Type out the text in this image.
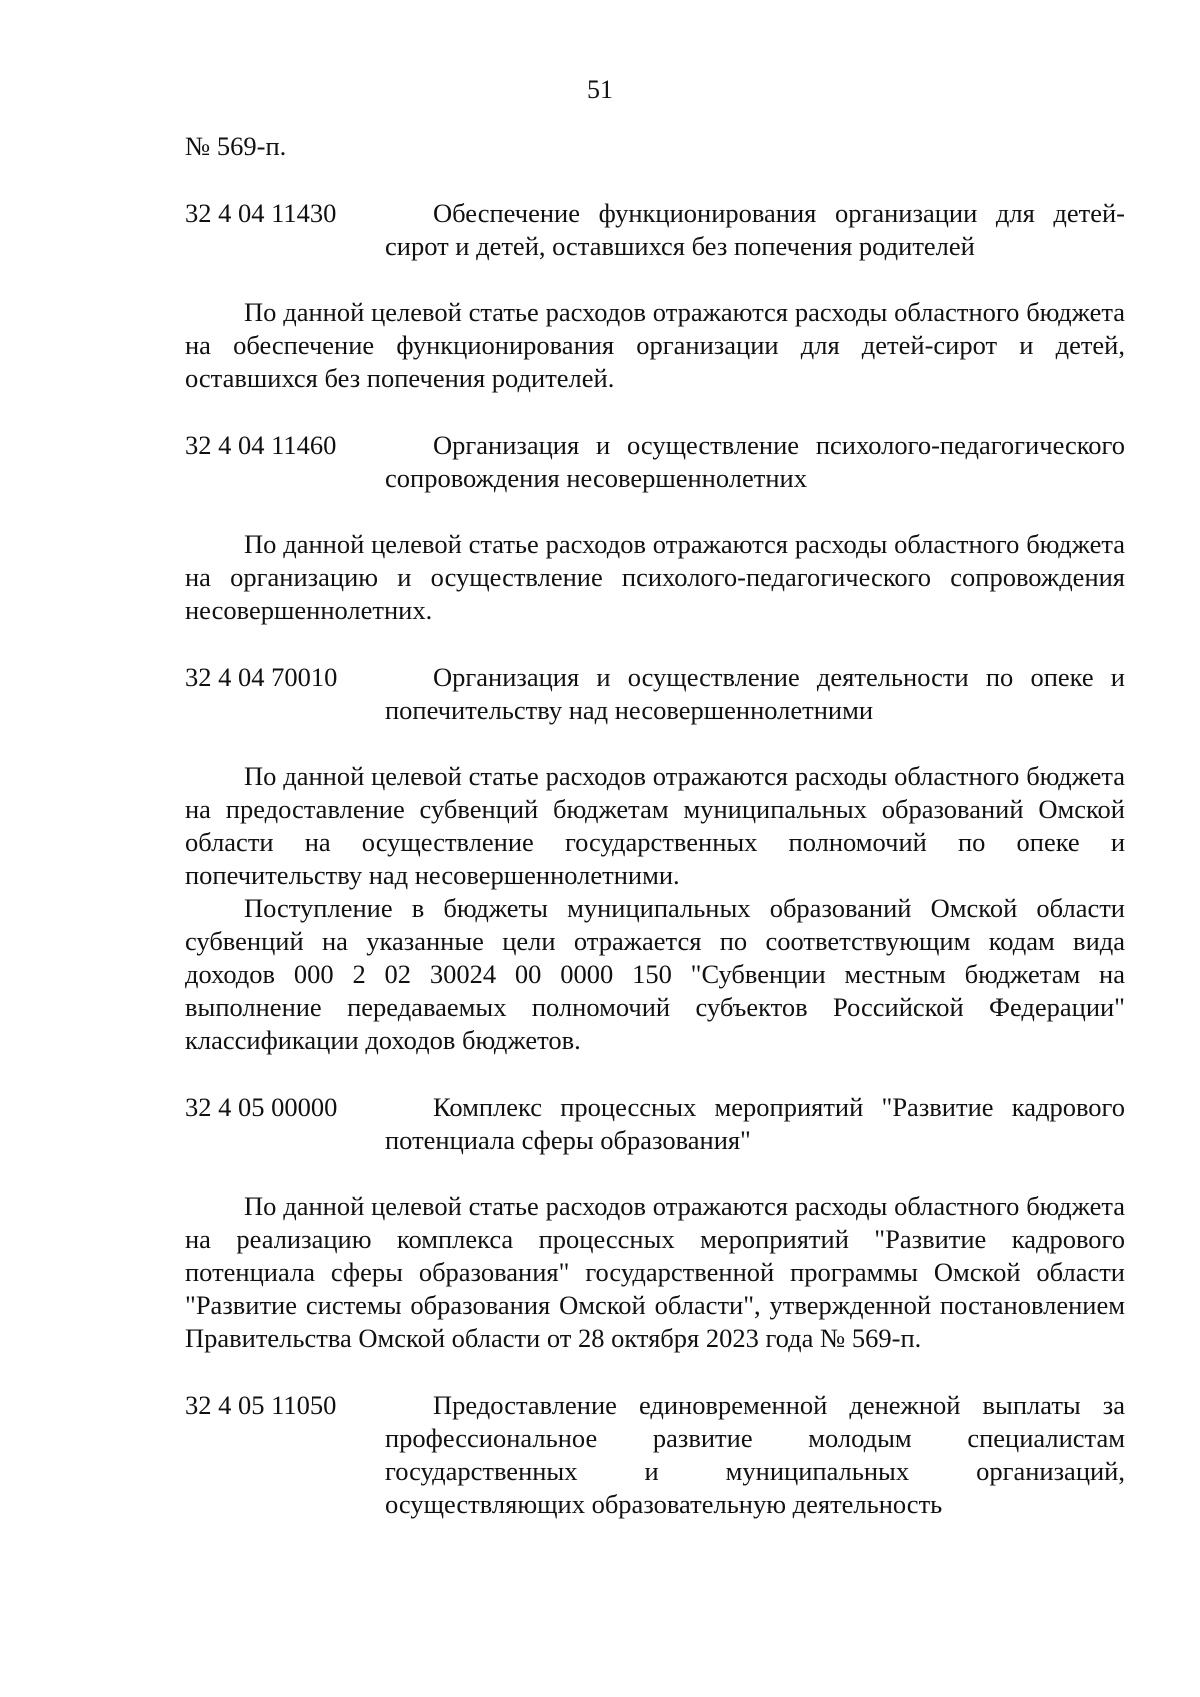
51
№ 569-п.
32 4 04 11430	Обеспечение функционирования организации для детей-сирот и детей, оставшихся без попечения родителей
По данной целевой статье расходов отражаются расходы областного бюджета на обеспечение функционирования организации для детей-сирот и детей, оставшихся без попечения родителей.
32 4 04 11460	Организация и осуществление психолого-педагогического сопровождения несовершеннолетних
По данной целевой статье расходов отражаются расходы областного бюджета на организацию и осуществление психолого-педагогического сопровождения несовершеннолетних.
32 4 04 70010	Организация и осуществление деятельности по опеке и попечительству над несовершеннолетними
По данной целевой статье расходов отражаются расходы областного бюджета на предоставление субвенций бюджетам муниципальных образований Омской области на осуществление государственных полномочий по опеке и попечительству над несовершеннолетними.
Поступление в бюджеты муниципальных образований Омской области субвенций на указанные цели отражается по соответствующим кодам вида доходов 000 2 02 30024 00 0000 150 "Субвенции местным бюджетам на выполнение передаваемых полномочий субъектов Российской Федерации" классификации доходов бюджетов.
32 4 05 00000	Комплекс процессных мероприятий "Развитие кадрового потенциала сферы образования"
По данной целевой статье расходов отражаются расходы областного бюджета на реализацию комплекса процессных мероприятий "Развитие кадрового потенциала сферы образования" государственной программы Омской области "Развитие системы образования Омской области", утвержденной постановлением Правительства Омской области от 28 октября 2023 года № 569-п.
32 4 05 11050	Предоставление единовременной денежной выплаты за профессиональное развитие молодым специалистам государственных и муниципальных организаций, осуществляющих образовательную деятельность
